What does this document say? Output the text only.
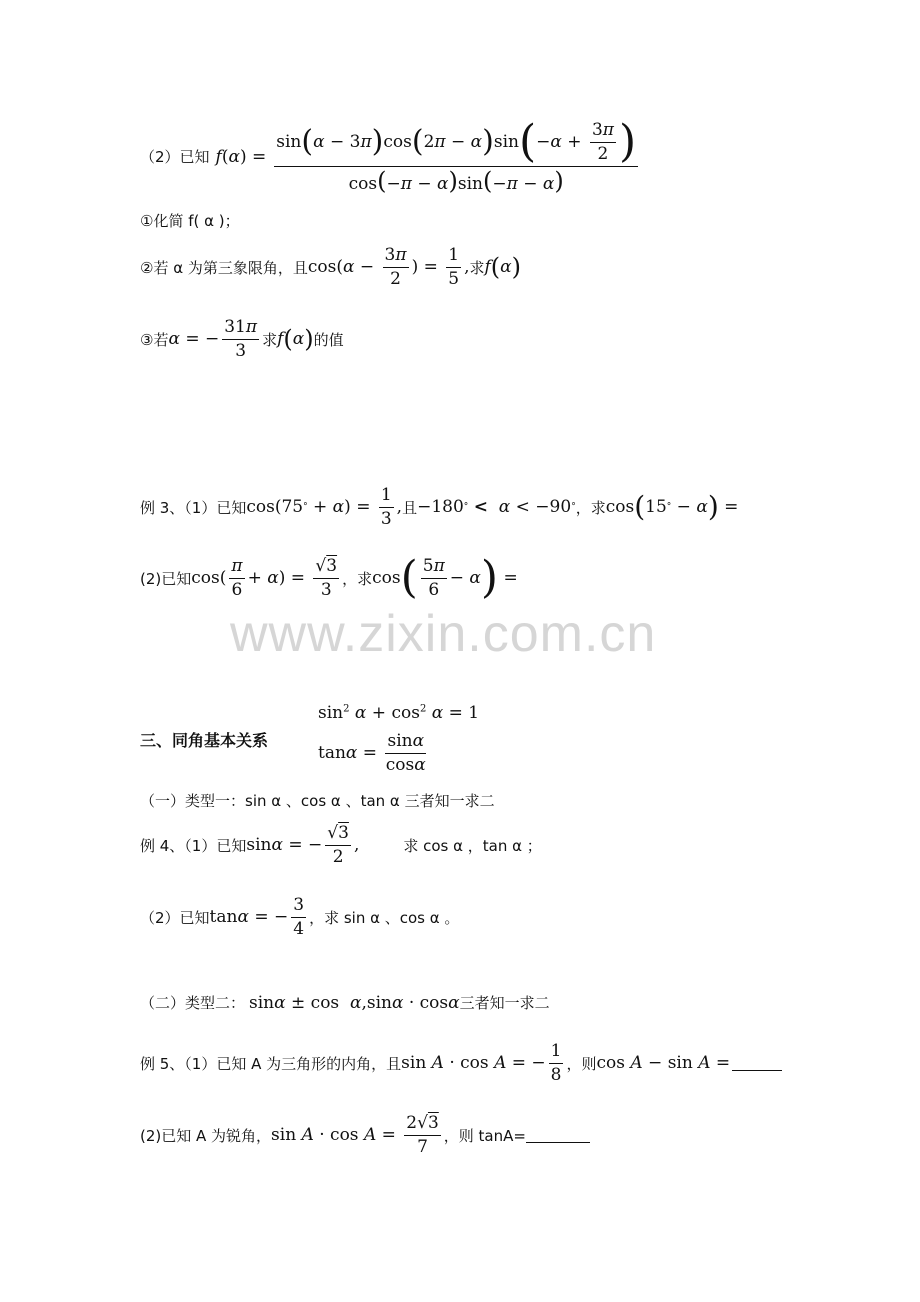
www.zixin.com.cn
（2）已知 $f(\alpha) = \frac{\sin ( \alpha - 3 \pi ) \cos ( 2 \pi - \alpha ) \sin ( - \alpha + \frac{3\pi}{2} )}{\cos(-\pi - \alpha)\sin(-\pi - \alpha)}$
①化简 f( α )；
②若 α 为第三象限角，且 cos( $\alpha - \frac{3\pi}{2}$ ) = $\frac{1}{5}$ , 求 f ( α )
③若 α = − $\frac{31\pi}{3}$ 求 f ( α ) 的值
例 3、（1）已知 cos(75 ° + α ) = $\frac{1}{3}$ , 且 −180 °
<
α < −90 ° ，求 cos ( 15 ° − α ) =
(2)已知 $\cos( \frac{\pi}{6} + \alpha$ ) = $\frac{√3}{3}$ ，求 cos ( $\frac{5\pi}{6} - \alpha$ ) =
三、同角基本关系
$\sin^2 \alpha + \cos^2 \alpha = 1$
$\tan \alpha = \frac{\sin\alpha}{\cos\alpha}$
（一）类型一：sin α 、cos α 、tan α 三者知一求二
例 4、（1）已知 sin α = − $\frac{√3}{2}$ ,	求 cos α ，tan α ；
（2）已知 tan α = − $\frac{3}{4}$ ，求 sin α 、cos α 。
（二）类型二： sinα ± cos  α,sinα · cosα 三者知一求二
例 5、（1）已知 A 为三角形的内角，且 sin A · cos A = − $\frac{1}{8}$ ，则 cos A − sin A =
(2)已知 A 为锐角， $\sin A \cdot \cos A = \frac{2√3}{7}$ ，则 tanA=
